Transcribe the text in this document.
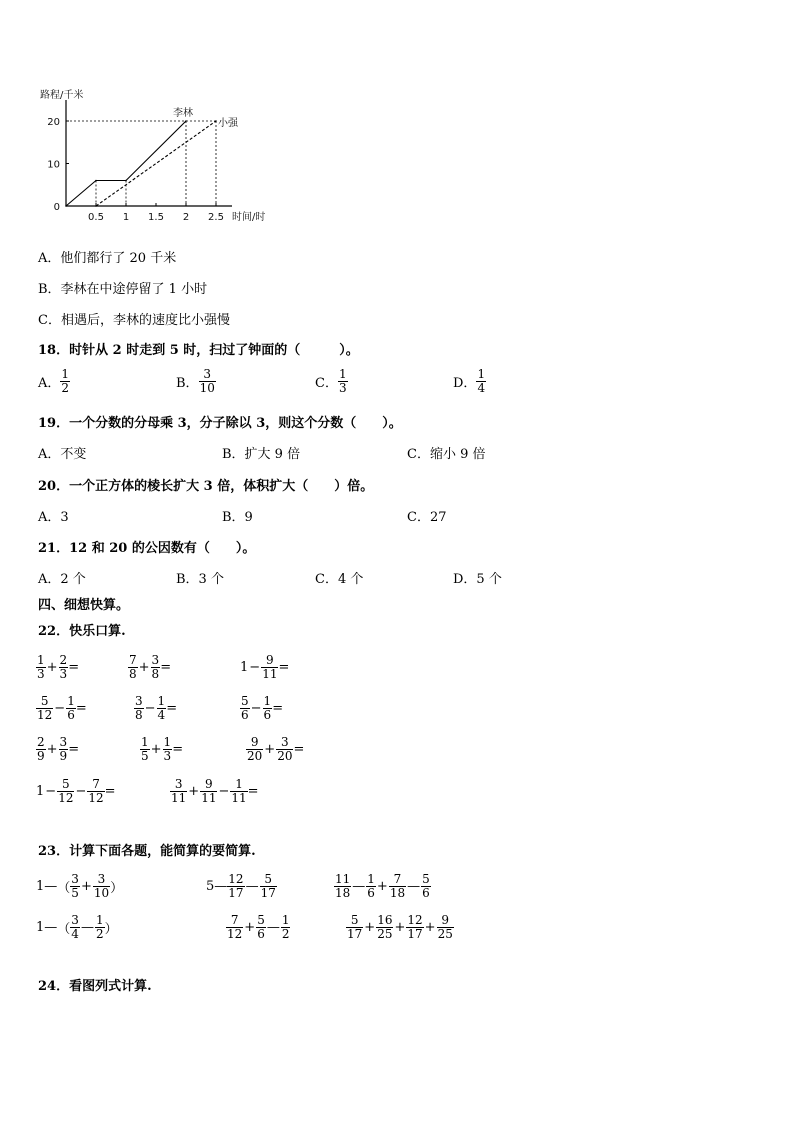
路程/千米
时间/时
0
10
20
0.5 1 1.5 2 2.5
李林
小强
A．他们都行了 20 千米
B．李林在中途停留了 1 小时
C．相遇后，李林的速度比小强慢
18．时针从 2 时走到 5 时，扫过了钟面的（　　　）。
A． $\frac{1}{2}$	B． $\frac{3}{10}$	C． $\frac{1}{3}$	D． $\frac{1}{4}$
19．一个分数的分母乘 3，分子除以 3，则这个分数（　　）。
A．不变	B．扩大 9 倍	C．缩小 9 倍
20．一个正方体的棱长扩大 3 倍，体积扩大（　　）倍。
A．3	B．9	C．27
21．12 和 20 的公因数有（　　）。
A．2 个	B．3 个	C．4 个	D．5 个
四、细想快算。
22．快乐口算.
$\frac{1}{3} + \frac{2}{3}$ =	$\frac{7}{8} + \frac{3}{8}$ =	$1 - \frac{9}{11}$ =
$\frac{5}{12} - \frac{1}{6}$ =	$\frac{3}{8} - \frac{1}{4}$ =	$\frac{5}{6} - \frac{1}{6}$ =
$\frac{2}{9} + \frac{3}{9}$ =	$\frac{1}{5} + \frac{1}{3}$ =	$\frac{9}{20} + \frac{3}{20}$ =
$1 - \frac{5}{12} - \frac{7}{12}$ =	$\frac{3}{11} + \frac{9}{11} - \frac{1}{11}$ =
23．计算下面各题，能简算的要简算.
1— （ $\frac{3}{5} + \frac{3}{10}$ ）	5— $\frac{12}{17}$ — $\frac{5}{17}$	$\frac{11}{18}$ — $\frac{1}{6} + \frac{7}{18}$ — $\frac{5}{6}$
1— （ $\frac{3}{4}$ — $\frac{1}{2}$ ）	$\frac{7}{12} + \frac{5}{6}$ — $\frac{1}{2}$	$\frac{5}{17} + \frac{16}{25} + \frac{12}{17} + \frac{9}{25}$
24．看图列式计算.
